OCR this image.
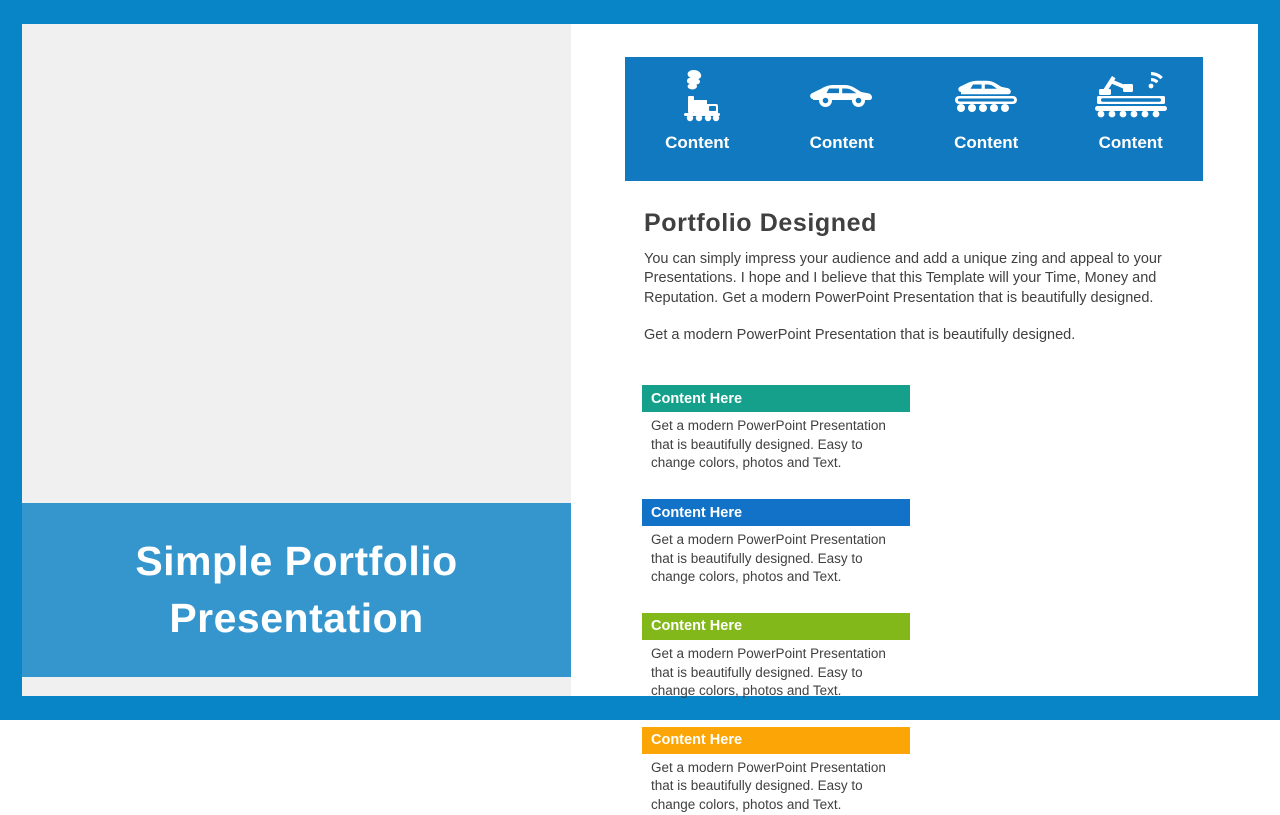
Simple Portfolio Presentation
Content	Content	Content	Content
Portfolio Designed
You can simply impress your audience and add a unique zing and appeal to your Presentations. I hope and I believe that this Template will your Time, Money and Reputation. Get a modern PowerPoint Presentation that is beautifully designed.
Get a modern PowerPoint Presentation that is beautifully designed.
Content Here
Get a modern PowerPoint Presentation that is beautifully designed. Easy to change colors, photos and Text.
Content Here
Get a modern PowerPoint Presentation that is beautifully designed. Easy to change colors, photos and Text.
Content Here
Get a modern PowerPoint Presentation that is beautifully designed. Easy to change colors, photos and Text.
Content Here
Get a modern PowerPoint Presentation that is beautifully designed. Easy to change colors, photos and Text.
